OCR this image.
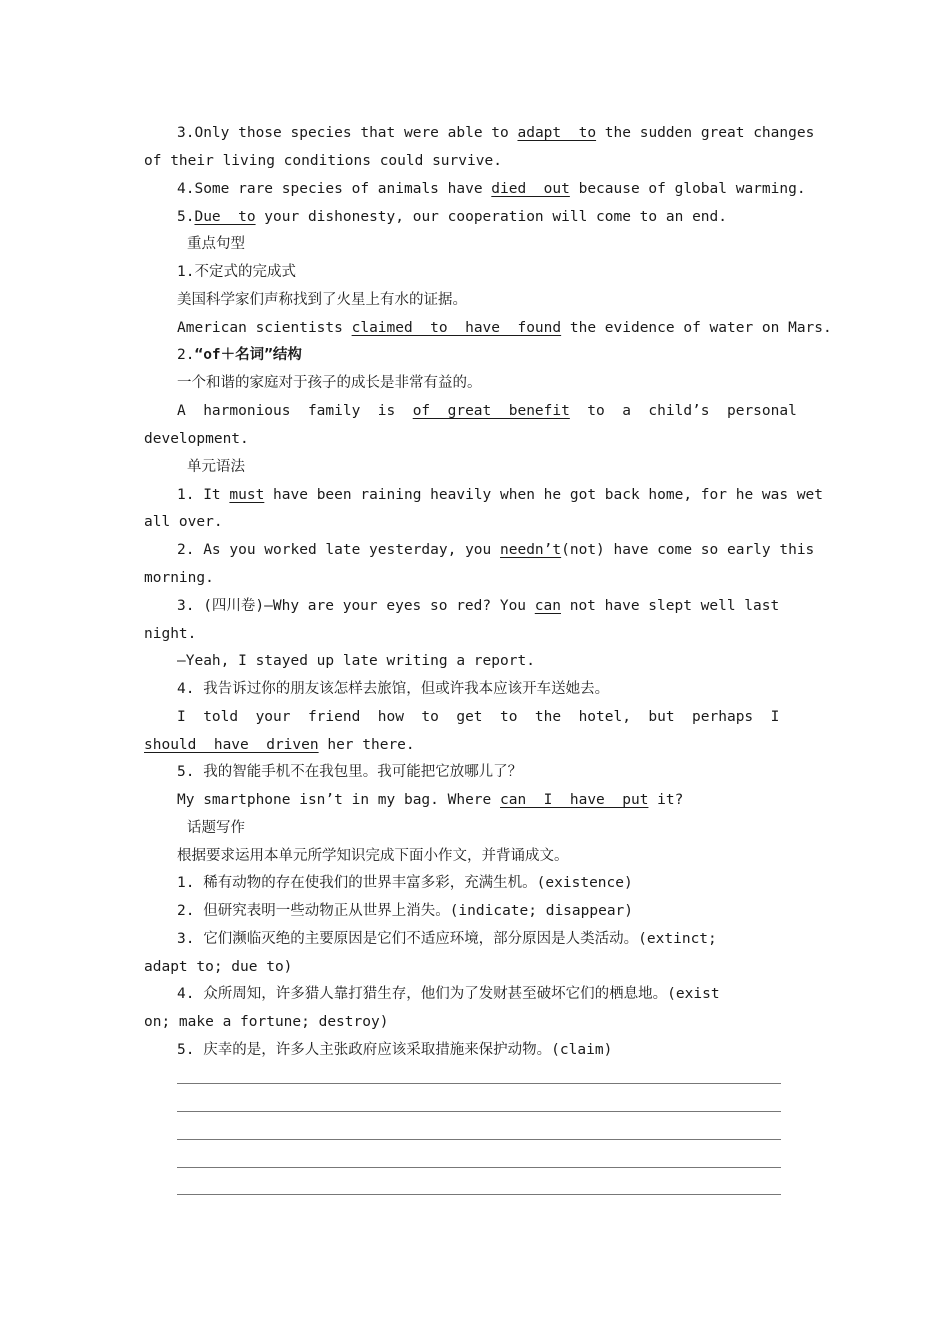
3.Only those species that were able to adapt  to the sudden great changes

of their living conditions could survive.

4.Some rare species of animals have died  out because of global warming.

5.Due  to your dishonesty, our cooperation will come to an end.

重点句型

1.不定式的完成式

美国科学家们声称找到了火星上有水的证据。

American scientists claimed  to  have  found the evidence of water on Mars.

2.“of＋名词”结构

一个和谐的家庭对于孩子的成长是非常有益的。

A  harmonious  family  is  of  great  benefit  to  a  child’s  personal

development.

单元语法

1. It must have been raining heavily when he got back home, for he was wet

all over.

2. As you worked late yesterday, you needn’t(not) have come so early this

morning.

3. (四川卷)—Why are your eyes so red? You can not have slept well last

night.

—Yeah, I stayed up late writing a report.

4. 我告诉过你的朋友该怎样去旅馆，但或许我本应该开车送她去。

I  told  your  friend  how  to  get  to  the  hotel,  but  perhaps  I

should  have  driven her there.

5. 我的智能手机不在我包里。我可能把它放哪儿了？

My smartphone isn’t in my bag. Where can  I  have  put it?

话题写作

根据要求运用本单元所学知识完成下面小作文，并背诵成文。

1. 稀有动物的存在使我们的世界丰富多彩，充满生机。(existence)

2. 但研究表明一些动物正从世界上消失。(indicate; disappear)

3. 它们濒临灭绝的主要原因是它们不适应环境，部分原因是人类活动。(extinct;

adapt to; due to)

4. 众所周知，许多猎人靠打猎生存，他们为了发财甚至破坏它们的栖息地。(exist

on; make a fortune; destroy)

5. 庆幸的是，许多人主张政府应该采取措施来保护动物。(claim)
